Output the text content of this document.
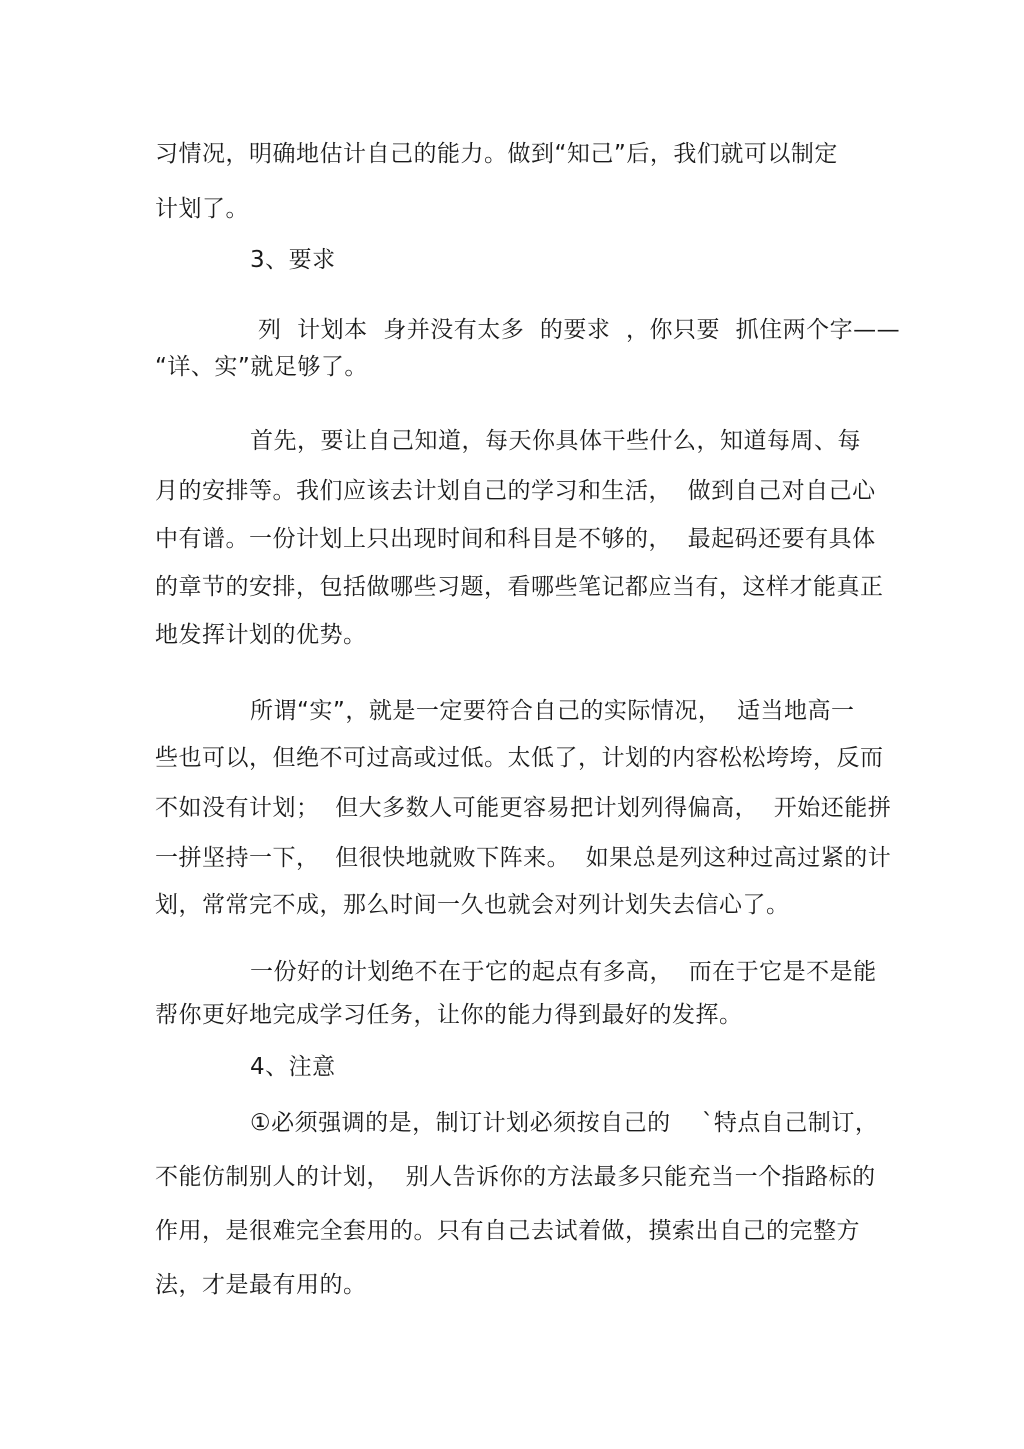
习情况，明确地估计自己的能力。做到“知己”后，我们就可以制定
计划了。
3、要求
列  计划本  身并没有太多  的要求  ，你只要  抓住两个字——
“详、实”就足够了。
首先，要让自己知道，每天你具体干些什么，知道每周、每
月的安排等。我们应该去计划自己的学习和生活，  做到自己对自己心
中有谱。一份计划上只出现时间和科目是不够的，  最起码还要有具体
的章节的安排，包括做哪些习题，看哪些笔记都应当有，这样才能真正
地发挥计划的优势。
所谓“实”，就是一定要符合自己的实际情况，  适当地高一
些也可以，但绝不可过高或过低。太低了，计划的内容松松垮垮，反而
不如没有计划；  但大多数人可能更容易把计划列得偏高，  开始还能拼
一拼坚持一下，  但很快地就败下阵来。  如果总是列这种过高过紧的计
划，常常完不成，那么时间一久也就会对列计划失去信心了。
一份好的计划绝不在于它的起点有多高，  而在于它是不是能
帮你更好地完成学习任务，让你的能力得到最好的发挥。
4、注意
①必须强调的是，制订计划必须按自己的    `特点自己制订，
不能仿制别人的计划，  别人告诉你的方法最多只能充当一个指路标的
作用，是很难完全套用的。只有自己去试着做，摸索出自己的完整方
法，才是最有用的。
